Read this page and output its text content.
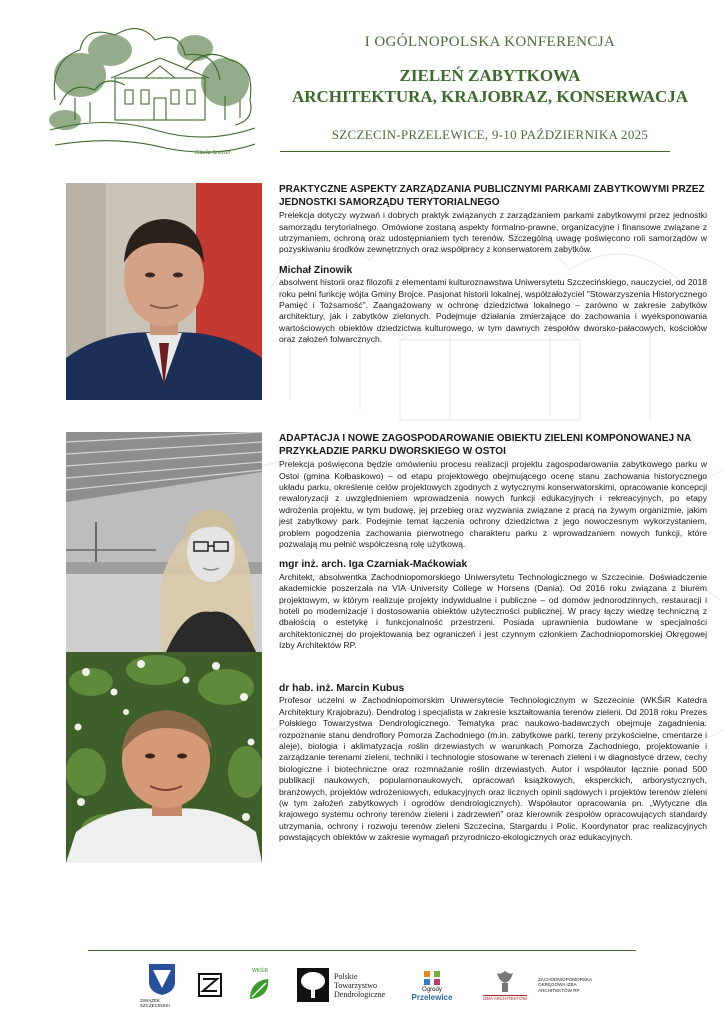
Gizela Szweter
I OGÓLNOPOLSKA KONFERENCJA
ZIELEŃ ZABYTKOWA
ARCHITEKTURA, KRAJOBRAZ, KONSERWACJA
SZCZECIN-PRZELEWICE, 9-10 PAŹDZIERNIKA 2025
PRAKTYCZNE ASPEKTY ZARZĄDZANIA PUBLICZNYMI PARKAMI ZABYTKOWYMI PRZEZ JEDNOSTKI SAMORZĄDU TERYTORIALNEGO

Prelekcja dotyczy wyzwań i dobrych praktyk związanych z zarządzaniem parkami zabytkowymi przez jednostki samorządu terytorialnego. Omówione zostaną aspekty formalno-prawne, organizacyjne i finansowe związane z utrzymaniem, ochroną oraz udostępnianiem tych terenów. Szczególną uwagę poświęcono roli samorządów w pozyskiwaniu środków zewnętrznych oraz współpracy z konserwatorem zabytków.

Michał Zinowik

absolwent historii oraz filozofii z elementami kulturoznawstwa Uniwersytetu Szczecińskiego, nauczyciel, od 2018 roku pełni funkcję wójta Gminy Brojce. Pasjonat historii lokalnej, współzałożyciel "Stowarzyszenia Historycznego Pamięć i Tożsamość". Zaangażowany w ochronę dziedzictwa lokalnego – zarówno w zakresie zabytków architektury, jak i zabytków zielonych. Podejmuje działania zmierzające do zachowania i wyeksponowania wartościowych obiektów dziedzictwa kulturowego, w tym dawnych zespołów dworsko-pałacowych, kościołów oraz założeń folwarcznych.

ADAPTACJA I NOWE ZAGOSPODAROWANIE OBIEKTU ZIELENI KOMPONOWANEJ NA PRZYKŁADZIE PARKU DWORSKIEGO W OSTOI

Prelekcja poświęcona będzie omówieniu procesu realizacji projektu zagospodarowania zabytkowego parku w Ostoi (gmina Kołbaskowo) – od etapu projektowego obejmującego ocenę stanu zachowania historycznego układu parku, określenie celów projektowych zgodnych z wytycznymi konserwatorskimi, opracowanie koncepcji rewaloryzacji z uwzględnieniem wprowadzenia nowych funkcji edukacyjnych i rekreacyjnych, po etapy wdrożenia projektu, w tym budowę, jej przebieg oraz wyzwania związane z pracą na żywym organizmie, jakim jest zabytkowy park. Podejmie temat łączenia ochrony dziedzictwa z jego nowoczesnym wykorzystaniem, problem pogodzenia zachowania pierwotnego charakteru parku z wprowadzaniem nowych funkcji, które pozwalają mu pełnić współczesną rolę użytkową.

mgr inż. arch. Iga Czarniak-Maćkowiak

Architekt, absolwentka Zachodniopomorskiego Uniwersytetu Technologicznego w Szczecinie. Doświadczenie akademickie poszerzała na VIA University College w Horsens (Dania). Od 2016 roku związana z biurem projektowym, w którym realizuje projekty indywidualne i publiczne – od domów jednorodzinnych, restauracji i hoteli po modernizacje i dostosowania obiektów użyteczności publicznej. W pracy łączy wiedzę techniczną z dbałością o estetykę i funkcjonalność przestrzeni. Posiada uprawnienia budowlane w specjalności architektonicznej do projektowania bez ograniczeń i jest czynnym członkiem Zachodniopomorskiej Okręgowej Izby Architektów RP.

dr hab. inż. Marcin Kubus

Profesor uczelni w Zachodniopomorskim Uniwersytecie Technologicznym w Szczecinie (WKŚiR Katedra Architektury Krajobrazu). Dendrolog i specjalista w zakresie kształtowania terenów zieleni. Od 2018 roku Prezes Polskiego Towarzystwa Dendrologicznego. Tematyka prac naukowo-badawczych obejmuje zagadnienia: rozpoznanie stanu dendroflory Pomorza Zachodniego (m.in. zabytkowe parki, tereny przykościelne, cmentarze i aleje), biologia i aklimatyzacja roślin drzewiastych w warunkach Pomorza Zachodniego, projektowanie i zarządzanie terenami zieleni, techniki i technologie stosowane w terenach zieleni i w diagnostyce drzew, cechy biologiczne i biotechniczne oraz rozmnażanie roślin drzewiastych. Autor i współautor łącznie ponad 500 publikacji naukowych, popularnonaukowych, opracowań książkowych, eksperckich, arborystycznych, branżowych, projektów wdrożeniowych, edukacyjnych oraz licznych opinii sądowych i projektów terenów zieleni (w tym założeń zabytkowych i ogrodów dendrologicznych). Współautor opracowania pn. „Wytyczne dla krajowego systemu ochrony terenów zieleni i zadrzewień” oraz kierownik zespołów opracowujących standardy utrzymania, ochrony i rozwoju terenów zieleni Szczecina, Stargardu i Polic. Koordynator prac realizacyjnych powstających obiektów w zakresie wymagań przyrodniczo-ekologicznych oraz edukacyjnych.

ZWIĄZEK SZCZECINSKI
WKŚiR
Polskie
Towarzystwo
Dendrologiczne	Ogrody
Przelewice	IZBA ARCHITEKTÓW
ZACHODNIOPOMORSKA
OKRĘGOWA IZBA
ARCHITEKTÓW RP
